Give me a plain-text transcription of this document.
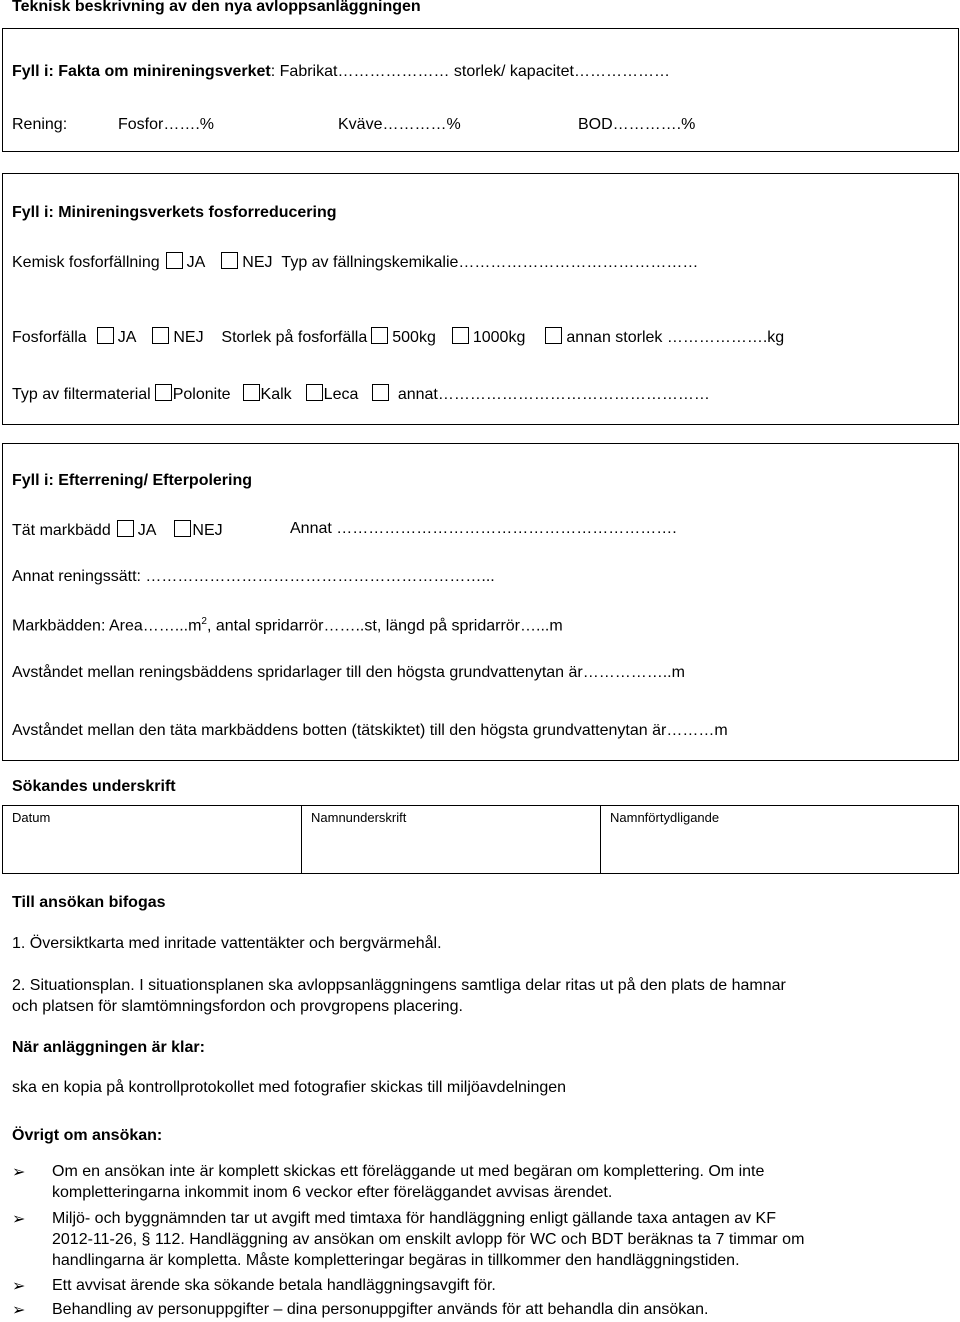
Teknisk beskrivning av den nya avloppsanläggningen
Fyll i: Fakta om minireningsverket: Fabrikat………………… storlek/ kapacitet………………
Rening:	Fosfor…….%	Kväve…………%	BOD………….%
Fyll i: Minireningsverkets fosforreducering
Kemisk fosforfällning JA NEJ Typ av fällningskemikalie………………………………………
Fosforfälla JA NEJ Storlek på fosforfälla 500kg 1000kg	annan storlek ……………….kg
Typ av filtermaterial Polonite Kalk Leca annat……………………………………………
Fyll i: Efterrening/ Efterpolering
Tät markbädd JA NEJ	Annat ……………………………………………………….
Annat reningssätt: ………………………………………………………...
Markbädden: $Area\dots\dots...m^2$, antal spridarrör……..st, längd på spridarrör…...m
Avståndet mellan reningsbäddens spridarlager till den högsta grundvattenytan är……………..m
Avståndet mellan den täta markbäddens botten (tätskiktet) till den högsta grundvattenytan är………m
Sökandes underskrift
Datum	Namnunderskrift	Namnförtydligande
Till ansökan bifogas
1. Översiktkarta med inritade vattentäkter och bergvärmehål.
2. Situationsplan. I situationsplanen ska avloppsanläggningens samtliga delar ritas ut på den plats de hamnar
och platsen för slamtömningsfordon och provgropens placering.
När anläggningen är klar:
ska en kopia på kontrollprotokollet med fotografier skickas till miljöavdelningen
Övrigt om ansökan:
➢ Om en ansökan inte är komplett skickas ett föreläggande ut med begäran om komplettering. Om inte
kompletteringarna inkommit inom 6 veckor efter föreläggandet avvisas ärendet.
➢ Miljö- och byggnämnden tar ut avgift med timtaxa för handläggning enligt gällande taxa antagen av KF
2012-11-26, § 112. Handläggning av ansökan om enskilt avlopp för WC och BDT beräknas ta 7 timmar om
handlingarna är kompletta. Måste kompletteringar begäras in tillkommer den handläggningstiden.
➢ Ett avvisat ärende ska sökande betala handläggningsavgift för.
➢ Behandling av personuppgifter – dina personuppgifter används för att behandla din ansökan.
